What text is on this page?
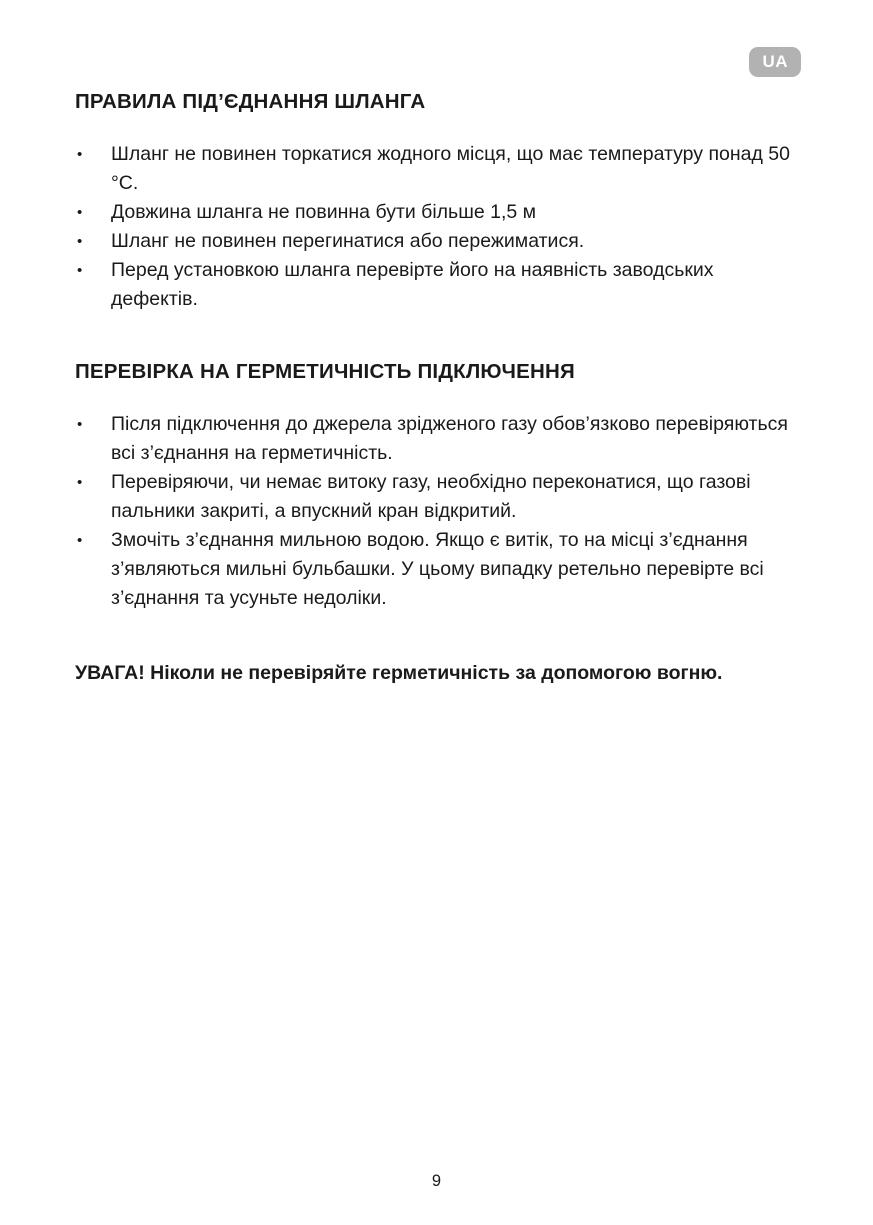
UA
ПРАВИЛА ПІД’ЄДНАННЯ ШЛАНГА
• Шланг не повинен торкатися жодного місця, що має температуру понад 50 °С.
• Довжина шланга не повинна бути більше 1,5 м
• Шланг не повинен перегинатися або пережиматися.
• Перед установкою шланга перевірте його на наявність заводських дефектів.
ПЕРЕВІРКА НА ГЕРМЕТИЧНІСТЬ ПІДКЛЮЧЕННЯ
• Після підключення до джерела зрідженого газу обов’язково перевіряються всі з’єднання на герметичність.
• Перевіряючи, чи немає витоку газу, необхідно переконатися, що газові пальники закриті, а впускний кран відкритий.
• Змочіть з’єднання мильною водою. Якщо є витік, то на місці з’єднання з’являються мильні бульбашки. У цьому випадку ретельно перевірте всі з’єднання та усуньте недоліки.

УВАГА! Ніколи не перевіряйте герметичність за допомогою вогню.

9
